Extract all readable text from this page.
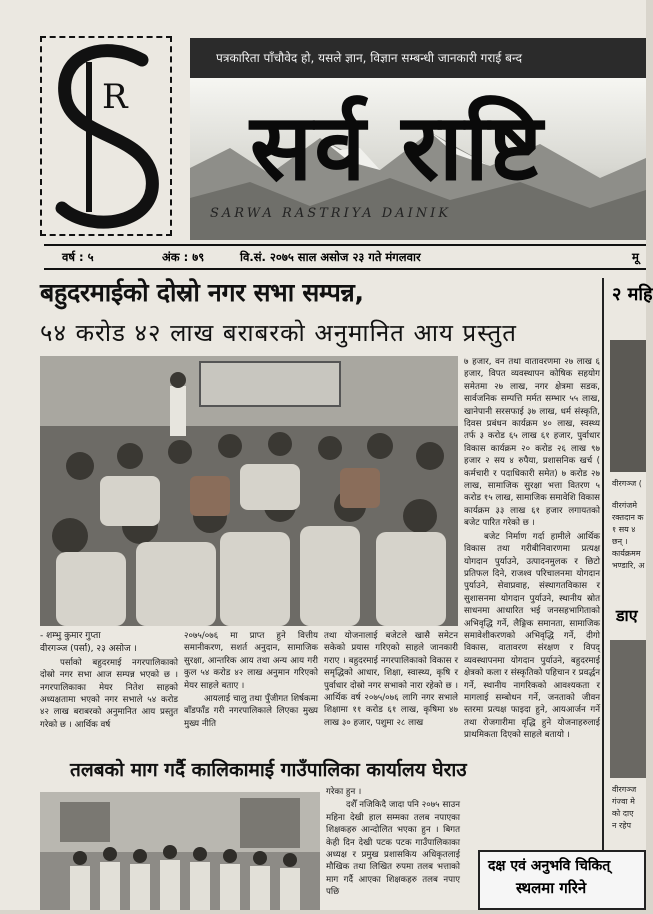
R
पत्रकारिता पाँचौवेद हो, यसले ज्ञान, विज्ञान सम्बन्धी जानकारी गराई बन्द
सर्व राष्टि
SARWA RASTRIYA DAINIK
वर्ष : ५	अंक : ७९	वि.सं. २०७५ साल असोज २३ गते मंगलवार	मू
बहुदरमाईको दोस्रो नगर सभा सम्पन्न,
५४ करोड ४२ लाख बराबरको अनुमानित आय प्रस्तुत

७ हजार, वन तथा वातावरणमा २७ लाख ६ हजार, विपत व्यवस्थापन कोषिक सहयोग समेतमा २७ लाख, नगर क्षेत्रमा सडक, सार्वजनिक सम्पत्ति मर्मत सम्भार ५५ लाख, खानेपानी सरसफाई ३७ लाख, धर्म संस्कृति, दिवस प्रबंधन कार्यक्रम ४० लाख, स्वस्थ्य तर्फ ३ करोड ६५ लाख ६१ हजार, पुर्वाधार विकास कार्यक्रम २० करोड २६ लाख ९७ हजार २ सय ४ रुपैया, प्रशासनिक खर्च ( कर्मचारी र पदाधिकारी समेत) ७ करोड २७ लाख, सामाजिक सुरक्षा भत्ता वितरण ५ करोड १५ लाख, सामाजिक समावेशि विकास कार्यक्रम ३३ लाख ६१ हजार लगायतको बजेट पारित गरेको छ ।

बजेट निर्माण गर्दा हामीले आर्थिक विकास तथा गरीबीनिवारणमा प्रत्यक्ष योगदान पुर्याउने, उत्पादनमुलक र छिटो प्रतिफल दिने, राजश्व परिचालनमा योगदान पुर्याउने, सेवाप्रवाह, संस्थागतविकास र सुशासनमा योगदान पुर्याउने, स्थानीय स्रोत साधनमा आधारित भई जनसहभागिताको अभिवृद्धि गर्ने, लैङ्गिक समानता, सामाजिक समावेशीकरणको अभिवृद्धि गर्ने, दीगो विकास, वातावरण संरक्षण र विपद् व्यवस्थापनमा योगदान पुर्याउने, बहुदरमाई क्षेत्रको कला र संस्कृतिको पहिचान र प्रवर्द्धन गर्ने, स्थानीय नागरिकको आवश्यकता र मागलाई सम्बोधन गर्ने, जनताको जीवन स्तरमा प्रत्यक्ष फाइदा हुने, आयआर्जन गर्ने तथा रोजगारीमा वृद्धि हुने योजनाहरुलाई प्राथमिकता दिएको साहले बतायो ।

- शम्भु कुमार गुप्ता

वीरगञ्ज (पर्सा), २३ असोज ।

पर्साको बहुदरमाई नगरपालिकाको दोस्रो नगर सभा आज सम्पन्न भएको छ । नगरपालिकाका मेयर नितेश साहको अध्यक्षतामा भएको नगर सभाले ५४ करोड ४२ लाख बराबरको अनुमानित आय प्रस्तुत गरेको छ । आर्थिक वर्ष

२०७५/०७६ मा प्राप्त हुने वित्तीय समानीकरण, सशर्त अनुदान, सामाजिक सुरक्षा, आन्तरिक आय तथा अन्य आय गरी कुल ५४ करोड ४२ लाख अनुमान गरिएको मेयर साहले बताए ।

आयलाई चालु तथा पुँजीगत शिर्षकमा बाँडफाँड गरी नगरपालिकाले लिएका मुख्य मुख्य नीति

तथा योजनालाई बजेटले खासै समेटन सकेको प्रयास गरिएको साहले जानकारी गराए । बहुदरमाई नगरपालिकाको विकास र समृद्धिको आधार, शिक्षा, स्वास्थ्य, कृषि र पुर्वाधार दोस्रो नगर सभाको नारा रहेको छ । आर्थिक वर्ष २०७५/०७६ लागि नगर सभाले शिक्षामा ११ करोड ६१ लाख, कृषिमा ४७ लाख ३० हजार, पशुमा २८ लाख

तलबको माग गर्दै कालिकामाई गाउँपालिका कार्यालय घेराउ

गरेका हुन ।

दशैँ नजिकिदै जादा पनि २०७५ साउन महिना देखी हाल सम्मका तलब नपाएका शिक्षकहरु आन्दोलित भएका हुन । बिगत केही दिन देखी पटक पटक गाउँपालिकाका अध्यक्ष र प्रमुख प्रशासकिय अधिकृतलाई मौखिक तथा लिखित रुपमा तलब भत्ताको माग गर्दै आएका शिक्षकहरु तलब नपाए पछि

२ महि
वीरगञ्ज (
वीरगंजमे
रक्तदान क
१ सय ४
छन् ।
कार्यक्रमम
भण्डारि, अ
डाए
वीरगञ्ज
गंज्वा मे
को दाए
न रहेप
दक्ष एवं अनुभवि चिकित्
स्थलमा गरिने
